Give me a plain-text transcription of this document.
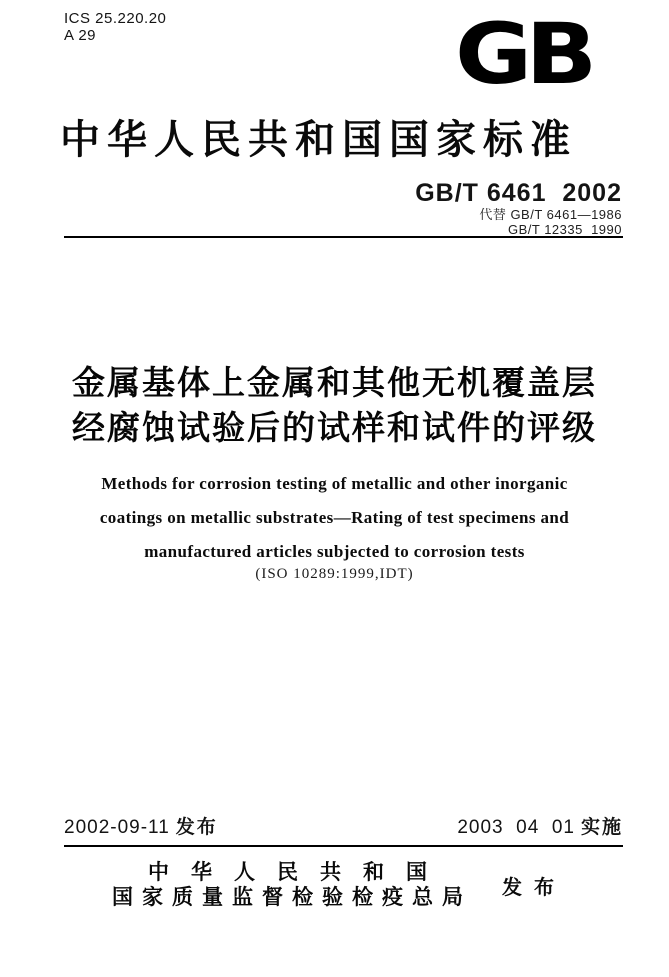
ICS 25.220.20
A 29	GB
中华人民共和国国家标准
GB/T 6461  2002
代替 GB/T 6461—1986
GB/T 12335  1990
金属基体上金属和其他无机覆盖层
经腐蚀试验后的试样和试件的评级
Methods for corrosion testing of metallic and other inorganic
coatings on metallic substrates—Rating of test specimens and
manufactured articles subjected to corrosion tests
(ISO 10289:1999,IDT)
2002-09-11 发布	2003  04  01 实施
中华人民共和国
国家质量监督检验检疫总局	发布
